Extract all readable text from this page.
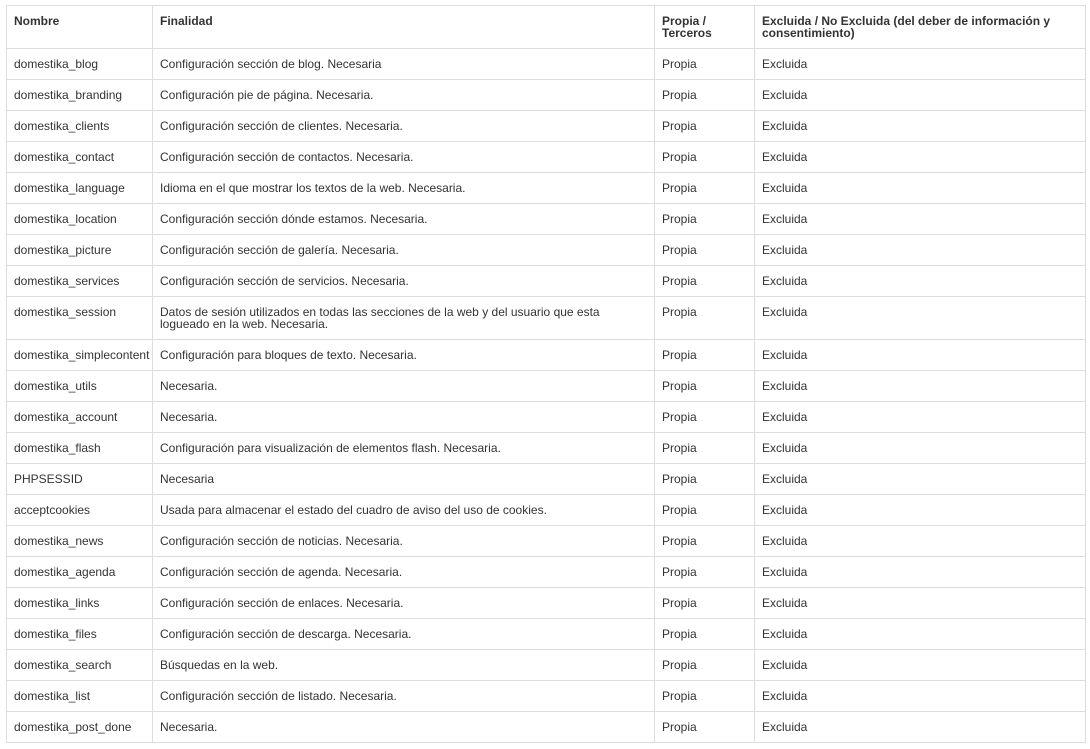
Nombre	Finalidad	Propia / Terceros	Excluida / No Excluida (del deber de información y consentimiento)
domestika_blog	Configuración sección de blog. Necesaria	Propia	Excluida
domestika_branding	Configuración pie de página. Necesaria.	Propia	Excluida
domestika_clients	Configuración sección de clientes. Necesaria.	Propia	Excluida
domestika_contact	Configuración sección de contactos. Necesaria.	Propia	Excluida
domestika_language	Idioma en el que mostrar los textos de la web. Necesaria.	Propia	Excluida
domestika_location	Configuración sección dónde estamos. Necesaria.	Propia	Excluida
domestika_picture	Configuración sección de galería. Necesaria.	Propia	Excluida
domestika_services	Configuración sección de servicios. Necesaria.	Propia	Excluida
domestika_session	Datos de sesión utilizados en todas las secciones de la web y del usuario que esta logueado en la web. Necesaria.	Propia	Excluida
domestika_simplecontent	Configuración para bloques de texto. Necesaria.	Propia	Excluida
domestika_utils	Necesaria.	Propia	Excluida
domestika_account	Necesaria.	Propia	Excluida
domestika_flash	Configuración para visualización de elementos flash. Necesaria.	Propia	Excluida
PHPSESSID	Necesaria	Propia	Excluida
acceptcookies	Usada para almacenar el estado del cuadro de aviso del uso de cookies.	Propia	Excluida
domestika_news	Configuración sección de noticias. Necesaria.	Propia	Excluida
domestika_agenda	Configuración sección de agenda. Necesaria.	Propia	Excluida
domestika_links	Configuración sección de enlaces. Necesaria.	Propia	Excluida
domestika_files	Configuración sección de descarga. Necesaria.	Propia	Excluida
domestika_search	Búsquedas en la web.	Propia	Excluida
domestika_list	Configuración sección de listado. Necesaria.	Propia	Excluida
domestika_post_done	Necesaria.	Propia	Excluida
